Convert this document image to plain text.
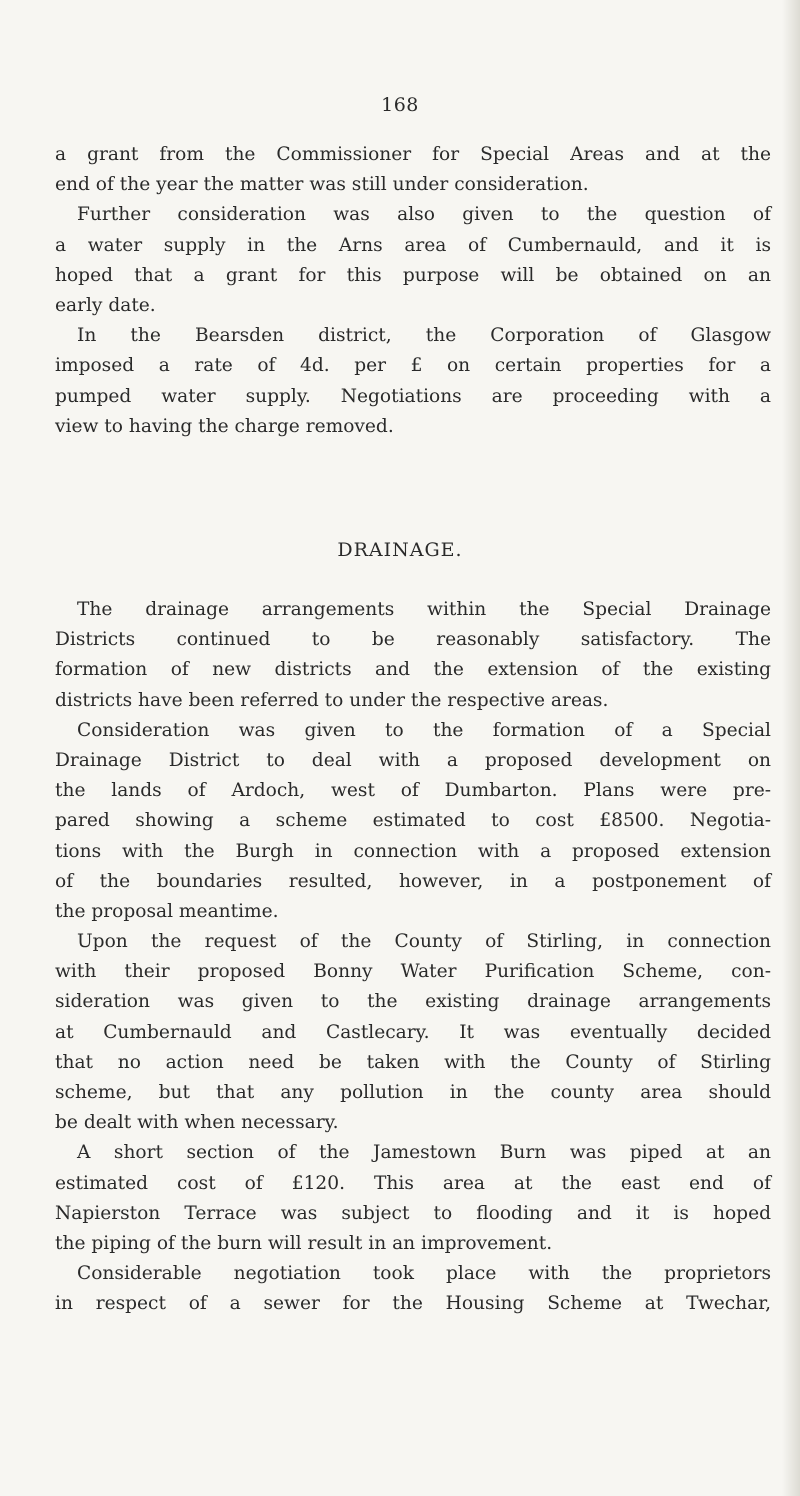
168
a grant from the Commissioner for Special Areas and at the
end of the year the matter was still under consideration.
Further consideration was also given to the question of
a water supply in the Arns area of Cumbernauld, and it is
hoped that a grant for this purpose will be obtained on an
early date.
In the Bearsden district, the Corporation of Glasgow
imposed a rate of 4d. per £ on certain properties for a
pumped water supply. Negotiations are proceeding with a
view to having the charge removed.
DRAINAGE.
The drainage arrangements within the Special Drainage
Districts continued to be reasonably satisfactory. The
formation of new districts and the extension of the existing
districts have been referred to under the respective areas.
Consideration was given to the formation of a Special
Drainage District to deal with a proposed development on
the lands of Ardoch, west of Dumbarton. Plans were pre-
pared showing a scheme estimated to cost £8500. Negotia-
tions with the Burgh in connection with a proposed extension
of the boundaries resulted, however, in a postponement of
the proposal meantime.
Upon the request of the County of Stirling, in connection
with their proposed Bonny Water Purification Scheme, con-
sideration was given to the existing drainage arrangements
at Cumbernauld and Castlecary. It was eventually decided
that no action need be taken with the County of Stirling
scheme, but that any pollution in the county area should
be dealt with when necessary.
A short section of the Jamestown Burn was piped at an
estimated cost of £120. This area at the east end of
Napierston Terrace was subject to flooding and it is hoped
the piping of the burn will result in an improvement.
Considerable negotiation took place with the proprietors
in respect of a sewer for the Housing Scheme at Twechar,
